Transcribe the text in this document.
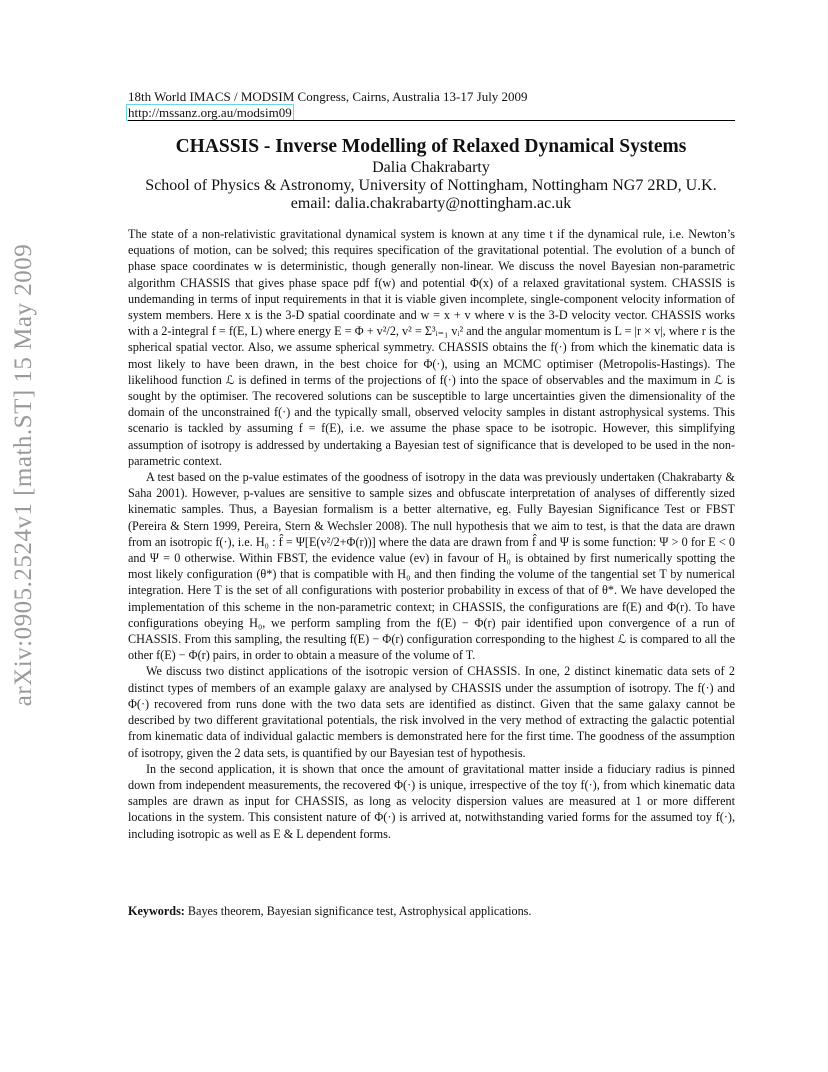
arXiv:0905.2524v1 [math.ST] 15 May 2009
18th World IMACS / MODSIM Congress, Cairns, Australia 13-17 July 2009
http://mssanz.org.au/modsim09
CHASSIS - Inverse Modelling of Relaxed Dynamical Systems
Dalia Chakrabarty
School of Physics & Astronomy, University of Nottingham, Nottingham NG7 2RD, U.K.
email: dalia.chakrabarty@nottingham.ac.uk

The state of a non-relativistic gravitational dynamical system is known at any time t if the dynamical rule, i.e. Newton’s equations of motion, can be solved; this requires specification of the gravitational potential. The evolution of a bunch of phase space coordinates w is deterministic, though generally non-linear. We discuss the novel Bayesian non-parametric algorithm CHASSIS that gives phase space pdf f(w) and potential Φ(x) of a relaxed gravitational system. CHASSIS is undemanding in terms of input requirements in that it is viable given incomplete, single-component velocity information of system members. Here x is the 3-D spatial coordinate and w = x + v where v is the 3-D velocity vector. CHASSIS works with a 2-integral f = f(E, L) where energy E = Φ + v²/2, v² = Σ³ᵢ₌₁ vᵢ² and the angular momentum is L = |r × v|, where r is the spherical spatial vector. Also, we assume spherical symmetry. CHASSIS obtains the f(·) from which the kinematic data is most likely to have been drawn, in the best choice for Φ(·), using an MCMC optimiser (Metropolis-Hastings). The likelihood function ℒ is defined in terms of the projections of f(·) into the space of observables and the maximum in ℒ is sought by the optimiser. The recovered solutions can be susceptible to large uncertainties given the dimensionality of the domain of the unconstrained f(·) and the typically small, observed velocity samples in distant astrophysical systems. This scenario is tackled by assuming f = f(E), i.e. we assume the phase space to be isotropic. However, this simplifying assumption of isotropy is addressed by undertaking a Bayesian test of significance that is developed to be used in the non-parametric context.

A test based on the p-value estimates of the goodness of isotropy in the data was previously undertaken (Chakrabarty & Saha 2001). However, p-values are sensitive to sample sizes and obfuscate interpretation of analyses of differently sized kinematic samples. Thus, a Bayesian formalism is a better alternative, eg. Fully Bayesian Significance Test or FBST (Pereira & Stern 1999, Pereira, Stern & Wechsler 2008). The null hypothesis that we aim to test, is that the data are drawn from an isotropic f(·), i.e. H₀ : f̂ = Ψ[E(v²/2+Φ(r))] where the data are drawn from f̂ and Ψ is some function: Ψ > 0 for E < 0 and Ψ = 0 otherwise. Within FBST, the evidence value (ev) in favour of H₀ is obtained by first numerically spotting the most likely configuration (θ*) that is compatible with H₀ and then finding the volume of the tangential set T by numerical integration. Here T is the set of all configurations with posterior probability in excess of that of θ*. We have developed the implementation of this scheme in the non-parametric context; in CHASSIS, the configurations are f(E) and Φ(r). To have configurations obeying H₀, we perform sampling from the f(E) − Φ(r) pair identified upon convergence of a run of CHASSIS. From this sampling, the resulting f(E) − Φ(r) configuration corresponding to the highest ℒ is compared to all the other f(E) − Φ(r) pairs, in order to obtain a measure of the volume of T.

We discuss two distinct applications of the isotropic version of CHASSIS. In one, 2 distinct kinematic data sets of 2 distinct types of members of an example galaxy are analysed by CHASSIS under the assumption of isotropy. The f(·) and Φ(·) recovered from runs done with the two data sets are identified as distinct. Given that the same galaxy cannot be described by two different gravitational potentials, the risk involved in the very method of extracting the galactic potential from kinematic data of individual galactic members is demonstrated here for the first time. The goodness of the assumption of isotropy, given the 2 data sets, is quantified by our Bayesian test of hypothesis.

In the second application, it is shown that once the amount of gravitational matter inside a fiduciary radius is pinned down from independent measurements, the recovered Φ(·) is unique, irrespective of the toy f(·), from which kinematic data samples are drawn as input for CHASSIS, as long as velocity dispersion values are measured at 1 or more different locations in the system. This consistent nature of Φ(·) is arrived at, notwithstanding varied forms for the assumed toy f(·), including isotropic as well as E & L dependent forms.

Keywords: Bayes theorem, Bayesian significance test, Astrophysical applications.
